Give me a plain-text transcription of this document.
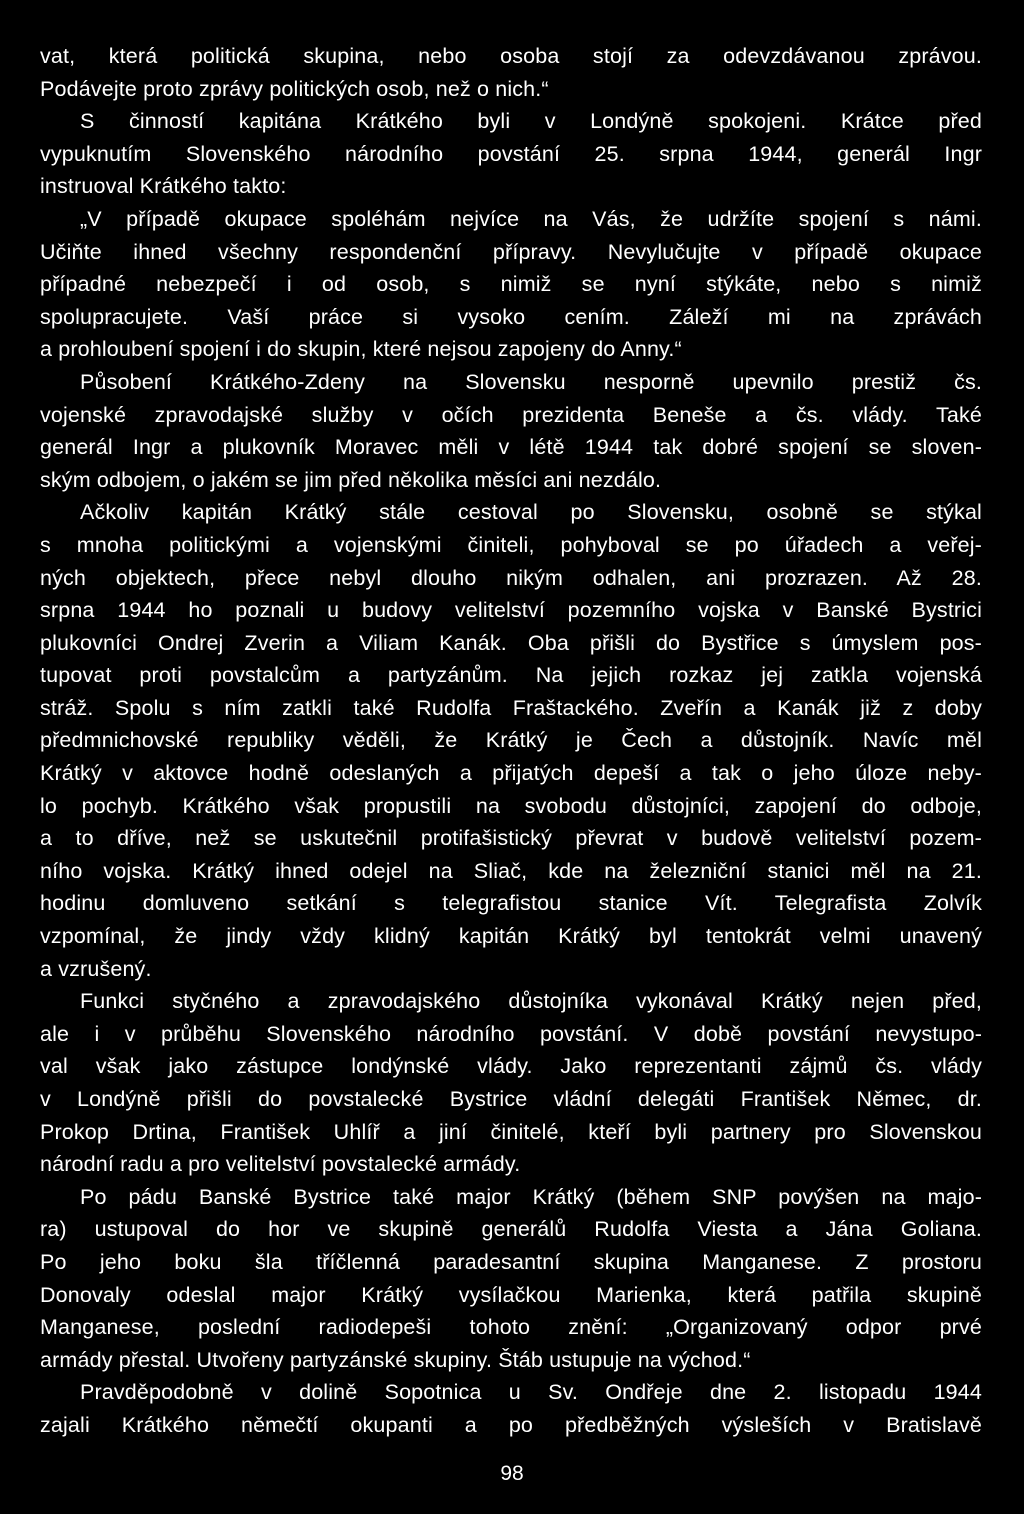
vat, která politická skupina, nebo osoba stojí za odevzdávanou zprávou.
Podávejte proto zprávy politických osob, než o nich.“
S činností kapitána Krátkého byli v Londýně spokojeni. Krátce před
vypuknutím Slovenského národního povstání 25. srpna 1944, generál Ingr
instruoval Krátkého takto:
„V případě okupace spoléhám nejvíce na Vás, že udržíte spojení s námi.
Učiňte ihned všechny respondenční přípravy. Nevylučujte v případě okupace
případné nebezpečí i od osob, s nimiž se nyní stýkáte, nebo s nimiž
spolupracujete. Vaší práce si vysoko cením. Záleží mi na zprávách
a prohloubení spojení i do skupin, které nejsou zapojeny do Anny.“
Působení Krátkého-Zdeny na Slovensku nesporně upevnilo prestiž čs.
vojenské zpravodajské služby v očích prezidenta Beneše a čs. vlády. Také
generál Ingr a plukovník Moravec měli v létě 1944 tak dobré spojení se sloven-
ským odbojem, o jakém se jim před několika měsíci ani nezdálo.
Ačkoliv kapitán Krátký stále cestoval po Slovensku, osobně se stýkal
s mnoha politickými a vojenskými činiteli, pohyboval se po úřadech a veřej-
ných objektech, přece nebyl dlouho nikým odhalen, ani prozrazen. Až 28.
srpna 1944 ho poznali u budovy velitelství pozemního vojska v Banské Bystrici
plukovníci Ondrej Zverin a Viliam Kanák. Oba přišli do Bystřice s úmyslem pos-
tupovat proti povstalcům a partyzánům. Na jejich rozkaz jej zatkla vojenská
stráž. Spolu s ním zatkli také Rudolfa Fraštackého. Zveřín a Kanák již z doby
předmnichovské republiky věděli, že Krátký je Čech a důstojník. Navíc měl
Krátký v aktovce hodně odeslaných a přijatých depeší a tak o jeho úloze neby-
lo pochyb. Krátkého však propustili na svobodu důstojníci, zapojení do odboje,
a to dříve, než se uskutečnil protifašistický převrat v budově velitelství pozem-
ního vojska. Krátký ihned odejel na Sliač, kde na železniční stanici měl na 21.
hodinu domluveno setkání s telegrafistou stanice Vít. Telegrafista Zolvík
vzpomínal, že jindy vždy klidný kapitán Krátký byl tentokrát velmi unavený
a vzrušený.
Funkci styčného a zpravodajského důstojníka vykonával Krátký nejen před,
ale i v průběhu Slovenského národního povstání. V době povstání nevystupo-
val však jako zástupce londýnské vlády. Jako reprezentanti zájmů čs. vlády
v Londýně přišli do povstalecké Bystrice vládní delegáti František Němec, dr.
Prokop Drtina, František Uhlíř a jiní činitelé, kteří byli partnery pro Slovenskou
národní radu a pro velitelství povstalecké armády.
Po pádu Banské Bystrice také major Krátký (během SNP povýšen na majo-
ra) ustupoval do hor ve skupině generálů Rudolfa Viesta a Jána Goliana.
Po jeho boku šla tříčlenná paradesantní skupina Manganese. Z prostoru
Donovaly odeslal major Krátký vysílačkou Marienka, která patřila skupině
Manganese, poslední radiodepeši tohoto znění: „Organizovaný odpor prvé
armády přestal. Utvořeny partyzánské skupiny. Štáb ustupuje na východ.“
Pravděpodobně v dolině Sopotnica u Sv. Ondřeje dne 2. listopadu 1944
zajali Krátkého němečtí okupanti a po předběžných výsleších v Bratislavě
98
